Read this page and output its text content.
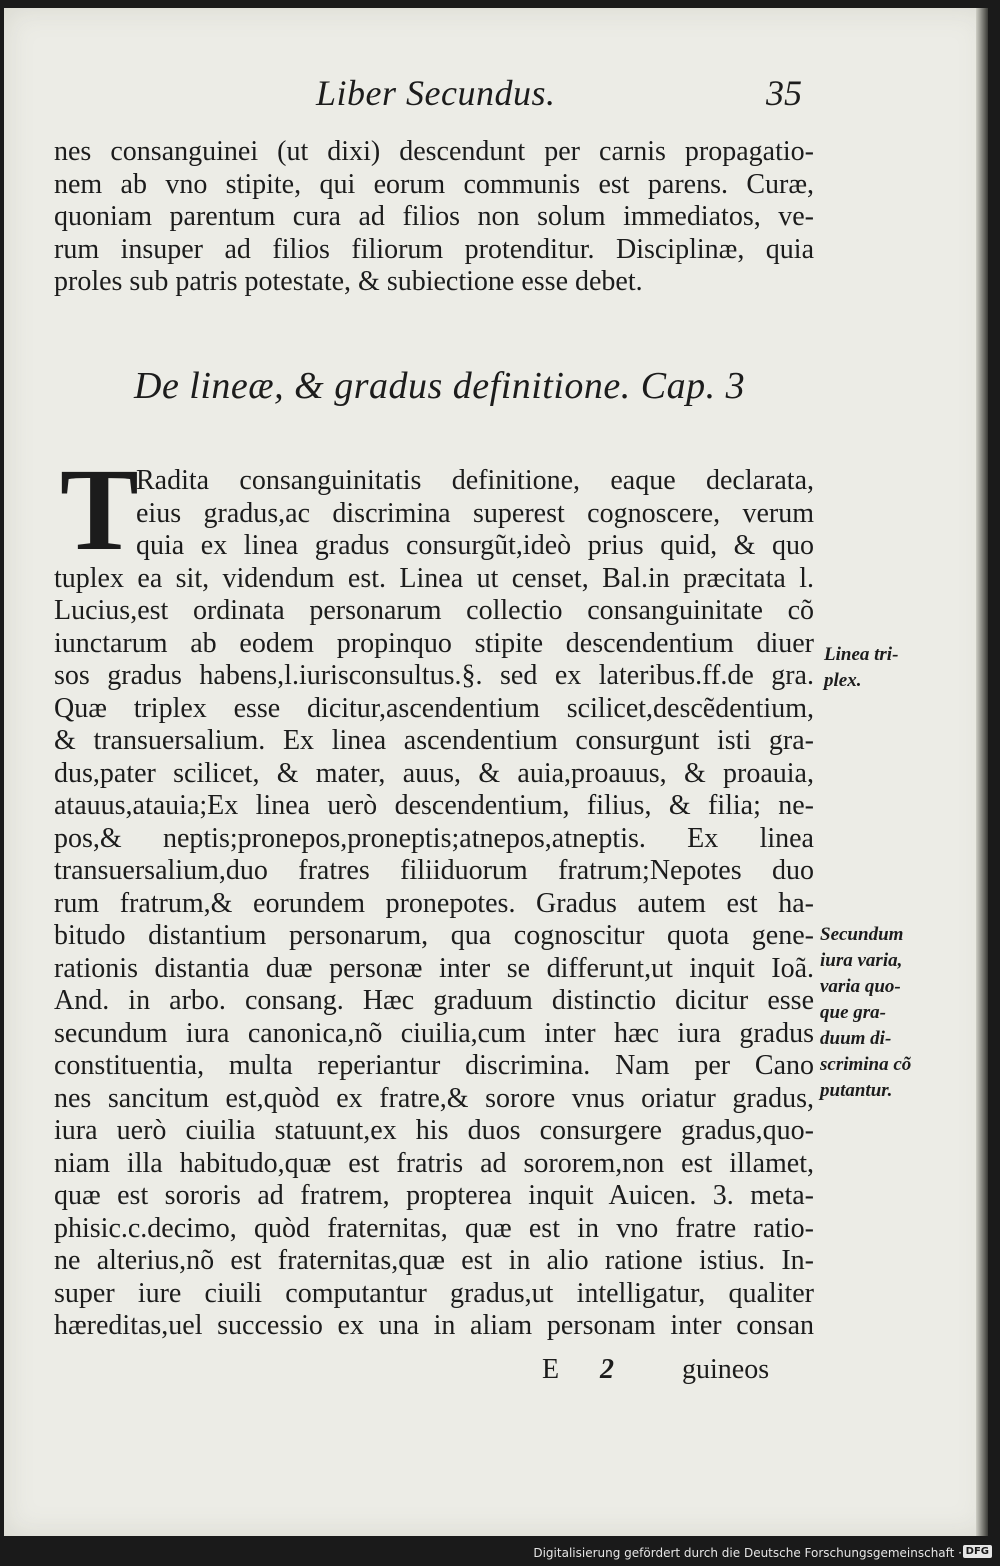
Liber Secundus.	35
nes consanguinei (ut dixi) descendunt per carnis propagatio-
nem ab vno stipite, qui eorum communis est parens. Curæ,
quoniam parentum cura ad filios non solum immediatos, ve-
rum insuper ad filios filiorum protenditur. Disciplinæ, quia
proles sub patris potestate, & subiectione esse debet.
De lineæ, & gradus definitione. Cap. 3
T
Radita consanguinitatis definitione, eaque declarata,
eius gradus,ac discrimina superest cognoscere, verum
quia ex linea gradus consurgũt,ideò prius quid, & quo
tuplex ea sit, videndum est. Linea ut censet, Bal.in præcitata l.
Lucius,est ordinata personarum collectio consanguinitate cõ
iunctarum ab eodem propinquo stipite descendentium diuer
sos gradus habens,l.iurisconsultus.§. sed ex lateribus.ff.de gra.
Quæ triplex esse dicitur,ascendentium scilicet,descẽdentium,
& transuersalium. Ex linea ascendentium consurgunt isti gra-
dus,pater scilicet, & mater, auus, & auia,proauus, & proauia,
atauus,atauia;Ex linea uerò descendentium, filius, & filia; ne-
pos,& neptis;pronepos,proneptis;atnepos,atneptis. Ex linea
transuersalium,duo fratres filiiduorum fratrum;Nepotes duo
rum fratrum,& eorundem pronepotes. Gradus autem est ha-
bitudo distantium personarum, qua cognoscitur quota gene-
rationis distantia duæ personæ inter se differunt,ut inquit Ioã.
And. in arbo. consang. Hæc graduum distinctio dicitur esse
secundum iura canonica,nõ ciuilia,cum inter hæc iura gradus
constituentia, multa reperiantur discrimina. Nam per Cano
nes sancitum est,quòd ex fratre,& sorore vnus oriatur gradus,
iura uerò ciuilia statuunt,ex his duos consurgere gradus,quo-
niam illa habitudo,quæ est fratris ad sororem,non est illamet,
quæ est sororis ad fratrem, propterea inquit Auicen. 3. meta-
phisic.c.decimo, quòd fraternitas, quæ est in vno fratre ratio-
ne alterius,nõ est fraternitas,quæ est in alio ratione istius. In-
super iure ciuili computantur gradus,ut intelligatur, qualiter
hæreditas,uel successio ex una in aliam personam inter consan
Linea tri-
plex.
Secundum
iura varia,
varia quo-
que gra-
duum di-
scrimina cõ
putantur.
E 2 guineos
Digitalisierung gefördert durch die Deutsche Forschungsgemeinschaft · DFG
